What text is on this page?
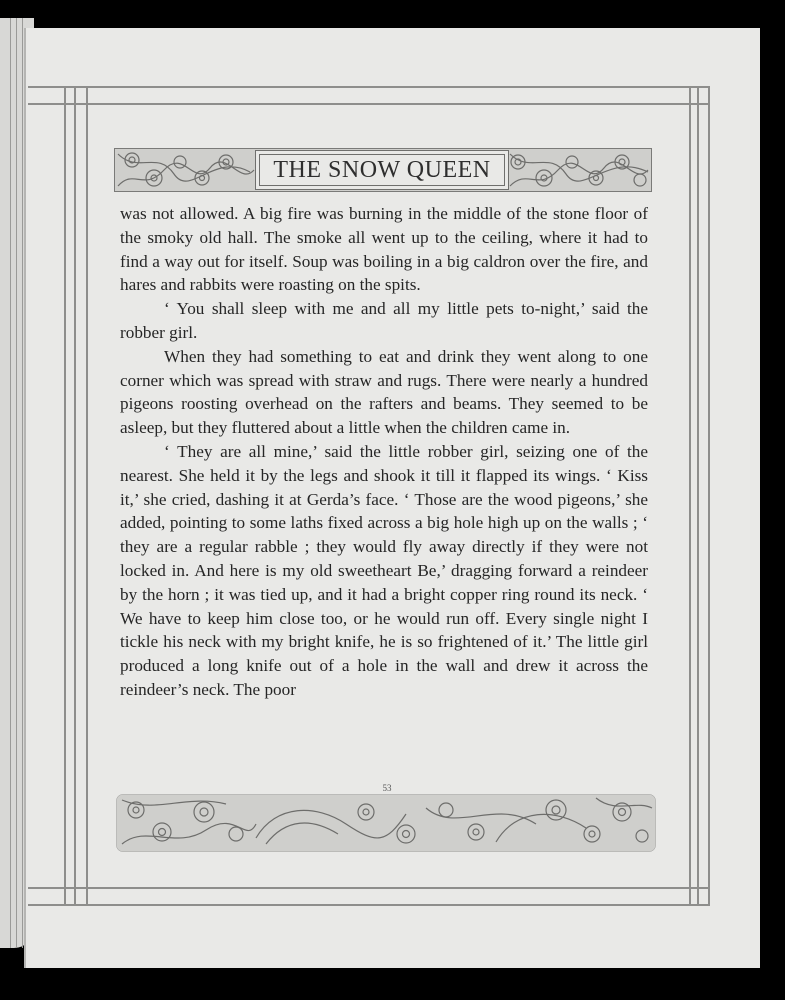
THE SNOW QUEEN

was not allowed. A big fire was burning in the middle of the stone floor of the smoky old hall. The smoke all went up to the ceiling, where it had to find a way out for itself. Soup was boiling in a big caldron over the fire, and hares and rabbits were roasting on the spits.

‘ You shall sleep with me and all my little pets to-night,’ said the robber girl.

When they had something to eat and drink they went along to one corner which was spread with straw and rugs. There were nearly a hundred pigeons roosting overhead on the rafters and beams. They seemed to be asleep, but they fluttered about a little when the children came in.

‘ They are all mine,’ said the little robber girl, seizing one of the nearest. She held it by the legs and shook it till it flapped its wings. ‘ Kiss it,’ she cried, dashing it at Gerda’s face. ‘ Those are the wood pigeons,’ she added, pointing to some laths fixed across a big hole high up on the walls ; ‘ they are a regular rabble ; they would fly away directly if they were not locked in. And here is my old sweetheart Be,’ dragging forward a reindeer by the horn ; it was tied up, and it had a bright copper ring round its neck. ‘ We have to keep him close too, or he would run off. Every single night I tickle his neck with my bright knife, he is so frightened of it.’ The little girl produced a long knife out of a hole in the wall and drew it across the reindeer’s neck. The poor

53
